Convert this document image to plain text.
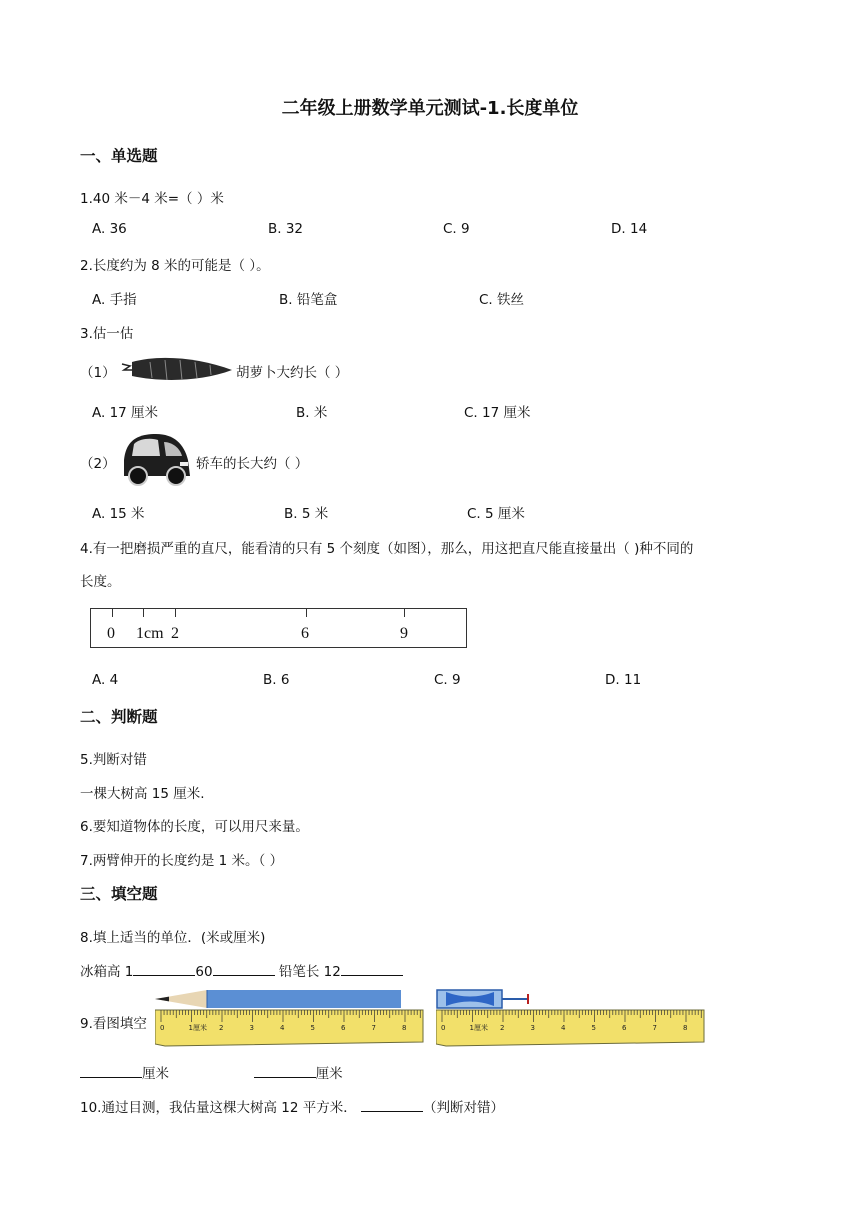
二年级上册数学单元测试-1.长度单位
一、单选题
1.40 米－4 米=（ ）米
A. 36	B. 32	C. 9	D. 14
2.长度约为 8 米的可能是（ ）。
A. 手指	B. 铅笔盒	C. 铁丝
3.估一估
（1）	胡萝卜大约长（ ）
A. 17 厘米	B. 米	C. 17 厘米
（2）	轿车的长大约（ ）
A. 15 米	B. 5 米	C. 5 厘米
4.有一把磨损严重的直尺，能看清的只有 5 个刻度（如图），那么，用这把直尺能直接量出（ )种不同的
长度。
0 1cm 2	6	9
A. 4	B. 6	C. 9	D. 11
二、判断题
5.判断对错
一棵大树高 15 厘米.
6.要知道物体的长度，可以用尺来量。
7.两臂伸开的长度约是 1 米。（ ）
三、填空题
8.填上适当的单位．(米或厘米)
冰箱高 1	60	铅笔长 12
9.看图填空 0	1厘米 2	3	4	5	6	7	8	0	1厘米 2	3	4	5	6	7	8
厘米	厘米
10.通过目测，我估量这棵大树高 12 平方米．	（判断对错）
